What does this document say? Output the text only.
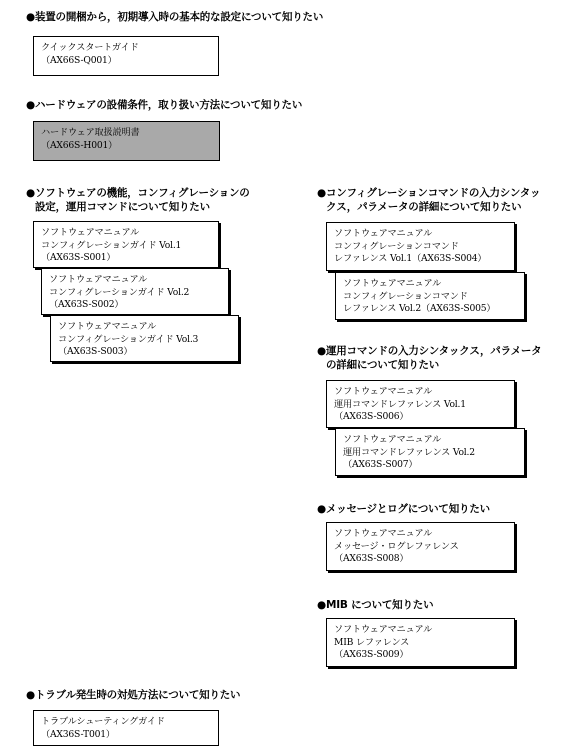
●装置の開梱から，初期導入時の基本的な設定について知りたい
クイックスタートガイド
（AX66S-Q001）
●ハードウェアの設備条件，取り扱い方法について知りたい
ハードウェア取扱説明書
（AX66S-H001）
●ソフトウェアの機能，コンフィグレーションの
設定，運用コマンドについて知りたい
ソフトウェアマニュアル
コンフィグレーションガイド Vol.1
（AX63S-S001）
ソフトウェアマニュアル
コンフィグレーションガイド Vol.2
（AX63S-S002）
ソフトウェアマニュアル
コンフィグレーションガイド Vol.3
（AX63S-S003）
●コンフィグレーションコマンドの入力シンタッ
クス，パラメータの詳細について知りたい
ソフトウェアマニュアル
コンフィグレーションコマンド
レファレンス Vol.1（AX63S-S004）
ソフトウェアマニュアル
コンフィグレーションコマンド
レファレンス Vol.2（AX63S-S005）
●運用コマンドの入力シンタックス，パラメータ
の詳細について知りたい
ソフトウェアマニュアル
運用コマンドレファレンス Vol.1
（AX63S-S006）
ソフトウェアマニュアル
運用コマンドレファレンス Vol.2
（AX63S-S007）
●メッセージとログについて知りたい
ソフトウェアマニュアル
メッセージ・ログレファレンス
（AX63S-S008）
●MIB について知りたい
ソフトウェアマニュアル
MIB レファレンス
（AX63S-S009）
●トラブル発生時の対処方法について知りたい
トラブルシューティングガイド
（AX36S-T001）
